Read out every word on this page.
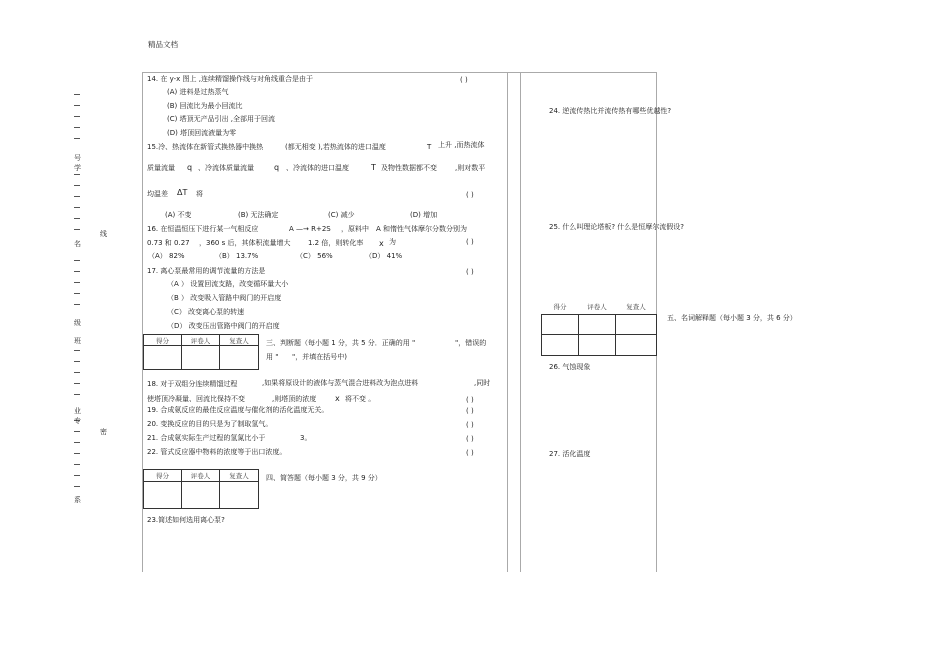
精品文档
号
学
线
名
级
班
业
专
密
系
14. 在 y-x 图上 ,连续精馏操作线与对角线重合是由于	( )
(A) 进料是过热蒸气
(B) 回流比为最小回流比
(C) 塔顶无产品引出 ,全部用于回流
(D) 塔顶回流液量为零
15.冷、热流体在新管式换热器中换热	(都无相变 ),若热流体的进口温度	T 上升 ,而热流体
质量流量 q 、冷流体质量流量	q 、冷流体的进口温度	T 及物性数据都不变	,则对数平
均温差 ΔT 将	( )
(A) 不变	(B) 无法确定	(C) 减少	(D) 增加
16. 在恒温恒压下进行某一气相反应	A —→ R+2S ，原料中 A 和惰性气体摩尔分数分别为
0.73 和 0.27 ，360 s 后，其体积流量增大	1.2 倍，则转化率 x 为	( )
（A） 82%	（B） 13.7%	（C） 56%	（D） 41%
17. 离心泵最常用的调节流量的方法是	( )
（A ） 设置回流支路，改变循环量大小
（B ） 改变吸入管路中阀门的开启度
（C） 改变离心泵的转速
（D） 改变压出管路中阀门的开启度
得分	评卷人	复查人
		三、判断题（每小题 1 分，共 5 分．正确的用 "	"，错误的
用 " "，并填在括号中)
18. 对于双组分连续精馏过程	,如果将原设计的液体与蒸气混合进料改为泡点进料	,同时
使塔顶冷凝量、回流比保持不变	,则塔顶的浓度 x 将不变 。	( )
19. 合成氨反应的最佳反应温度与催化剂的活化温度无关。	( )
20. 变换反应的目的只是为了制取氢气。	( )
21. 合成氨实际生产过程的氢氮比小于	3。	( )
22. 管式反应器中物料的浓度等于出口浓度。	( )
得分	评卷人	复查人
		四、简答题（每小题 3 分，共 9 分）
23.简述如何选用离心泵?
24. 逆流传热比并流传热有哪些优越性?
25. 什么叫理论塔板? 什么是恒摩尔流假设?
得分	评卷人	复查人

五、名词解释题（每小题 3 分，共 6 分）
26. 气蚀现象
27. 活化温度
